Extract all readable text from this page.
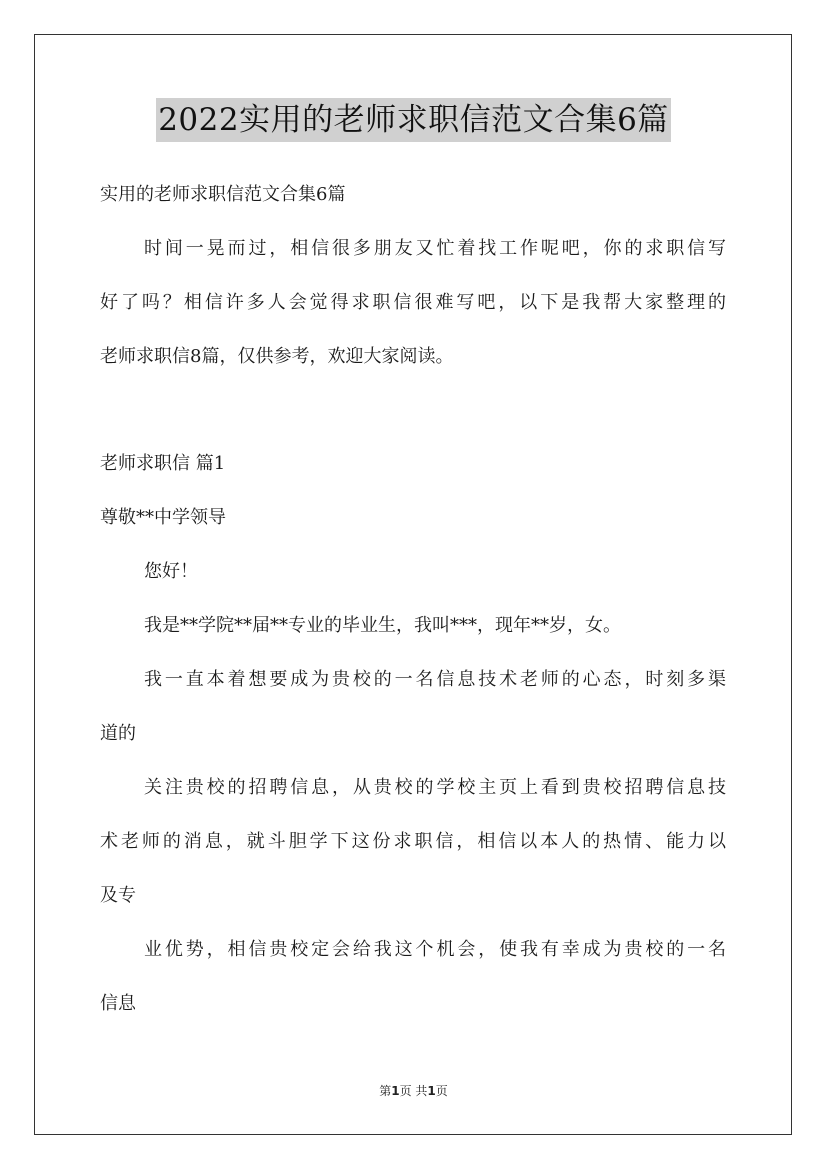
2022实用的老师求职信范文合集6篇
实用的老师求职信范文合集6篇
时间一晃而过，相信很多朋友又忙着找工作呢吧，你的求职信写
好了吗？相信许多人会觉得求职信很难写吧，以下是我帮大家整理的
老师求职信8篇，仅供参考，欢迎大家阅读。
老师求职信 篇1
尊敬**中学领导
您好！
我是**学院**届**专业的毕业生，我叫***，现年**岁，女。
我一直本着想要成为贵校的一名信息技术老师的心态，时刻多渠
道的
关注贵校的招聘信息，从贵校的学校主页上看到贵校招聘信息技
术老师的消息，就斗胆学下这份求职信，相信以本人的热情、能力以
及专
业优势，相信贵校定会给我这个机会，使我有幸成为贵校的一名
信息
第1页 共1页
